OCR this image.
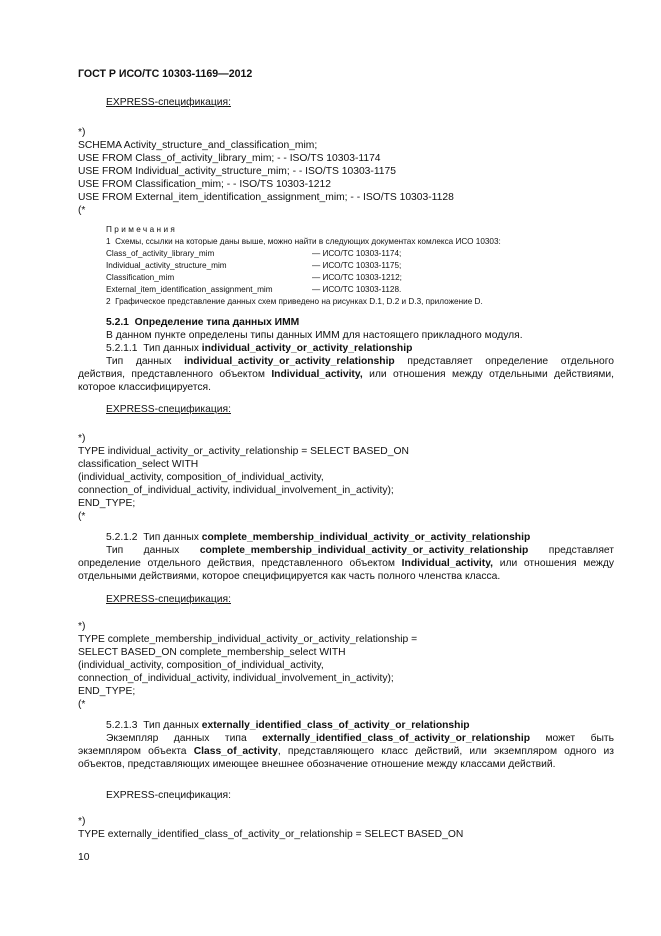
ГОСТ Р ИСО/ТС 10303-1169—2012
EXPRESS-спецификация:
*)
SCHEMA Activity_structure_and_classification_mim;
USE FROM Class_of_activity_library_mim; - - ISO/TS 10303-1174
USE FROM Individual_activity_structure_mim; - - ISO/TS 10303-1175
USE FROM Classification_mim; - - ISO/TS 10303-1212
USE FROM External_item_identification_assignment_mim; - - ISO/TS 10303-1128
(*
Примечания
1  Схемы, ссылки на которые даны выше, можно найти в следующих документах комлекса ИСО 10303:
Class_of_activity_library_mim	— ИСО/ТС 10303-1174;
Individual_activity_structure_mim	— ИСО/ТС 10303-1175;
Classification_mim	— ИСО/ТС 10303-1212;
External_item_identification_assignment_mim	— ИСО/ТС 10303-1128.
2  Графическое представление данных схем приведено на рисунках D.1, D.2 и D.3, приложение D.
5.2.1  Определение типа данных ИММ
В данном пункте определены типы данных ИММ для настоящего прикладного модуля.
5.2.1.1  Тип данных individual_activity_or_activity_relationship
Тип данных individual_activity_or_activity_relationship представляет определение отдельного действия, представленного объектом Individual_activity, или отношения между отдельными действиями, которое классифицируется.
EXPRESS-спецификация:
*)
TYPE individual_activity_or_activity_relationship = SELECT BASED_ON
classification_select WITH
(individual_activity, composition_of_individual_activity,
connection_of_individual_activity, individual_involvement_in_activity);
END_TYPE;
(*
5.2.1.2  Тип данных complete_membership_individual_activity_or_activity_relationship
Тип данных complete_membership_individual_activity_or_activity_relationship представляет определение отдельного действия, представленного объектом Individual_activity, или отношения между отдельными действиями, которое специфицируется как часть полного членства класса.
EXPRESS-спецификация:
*)
TYPE complete_membership_individual_activity_or_activity_relationship =
SELECT BASED_ON complete_membership_select WITH
(individual_activity, composition_of_individual_activity,
connection_of_individual_activity, individual_involvement_in_activity);
END_TYPE;
(*
5.2.1.3  Тип данных externally_identified_class_of_activity_or_relationship
Экземпляр данных типа externally_identified_class_of_activity_or_relationship может быть экземпляром объекта Class_of_activity, представляющего класс действий, или экземпляром одного из объектов, представляющих имеющее внешнее обозначение отношение между классами действий.
EXPRESS-спецификация:
*)
TYPE externally_identified_class_of_activity_or_relationship = SELECT BASED_ON
10
